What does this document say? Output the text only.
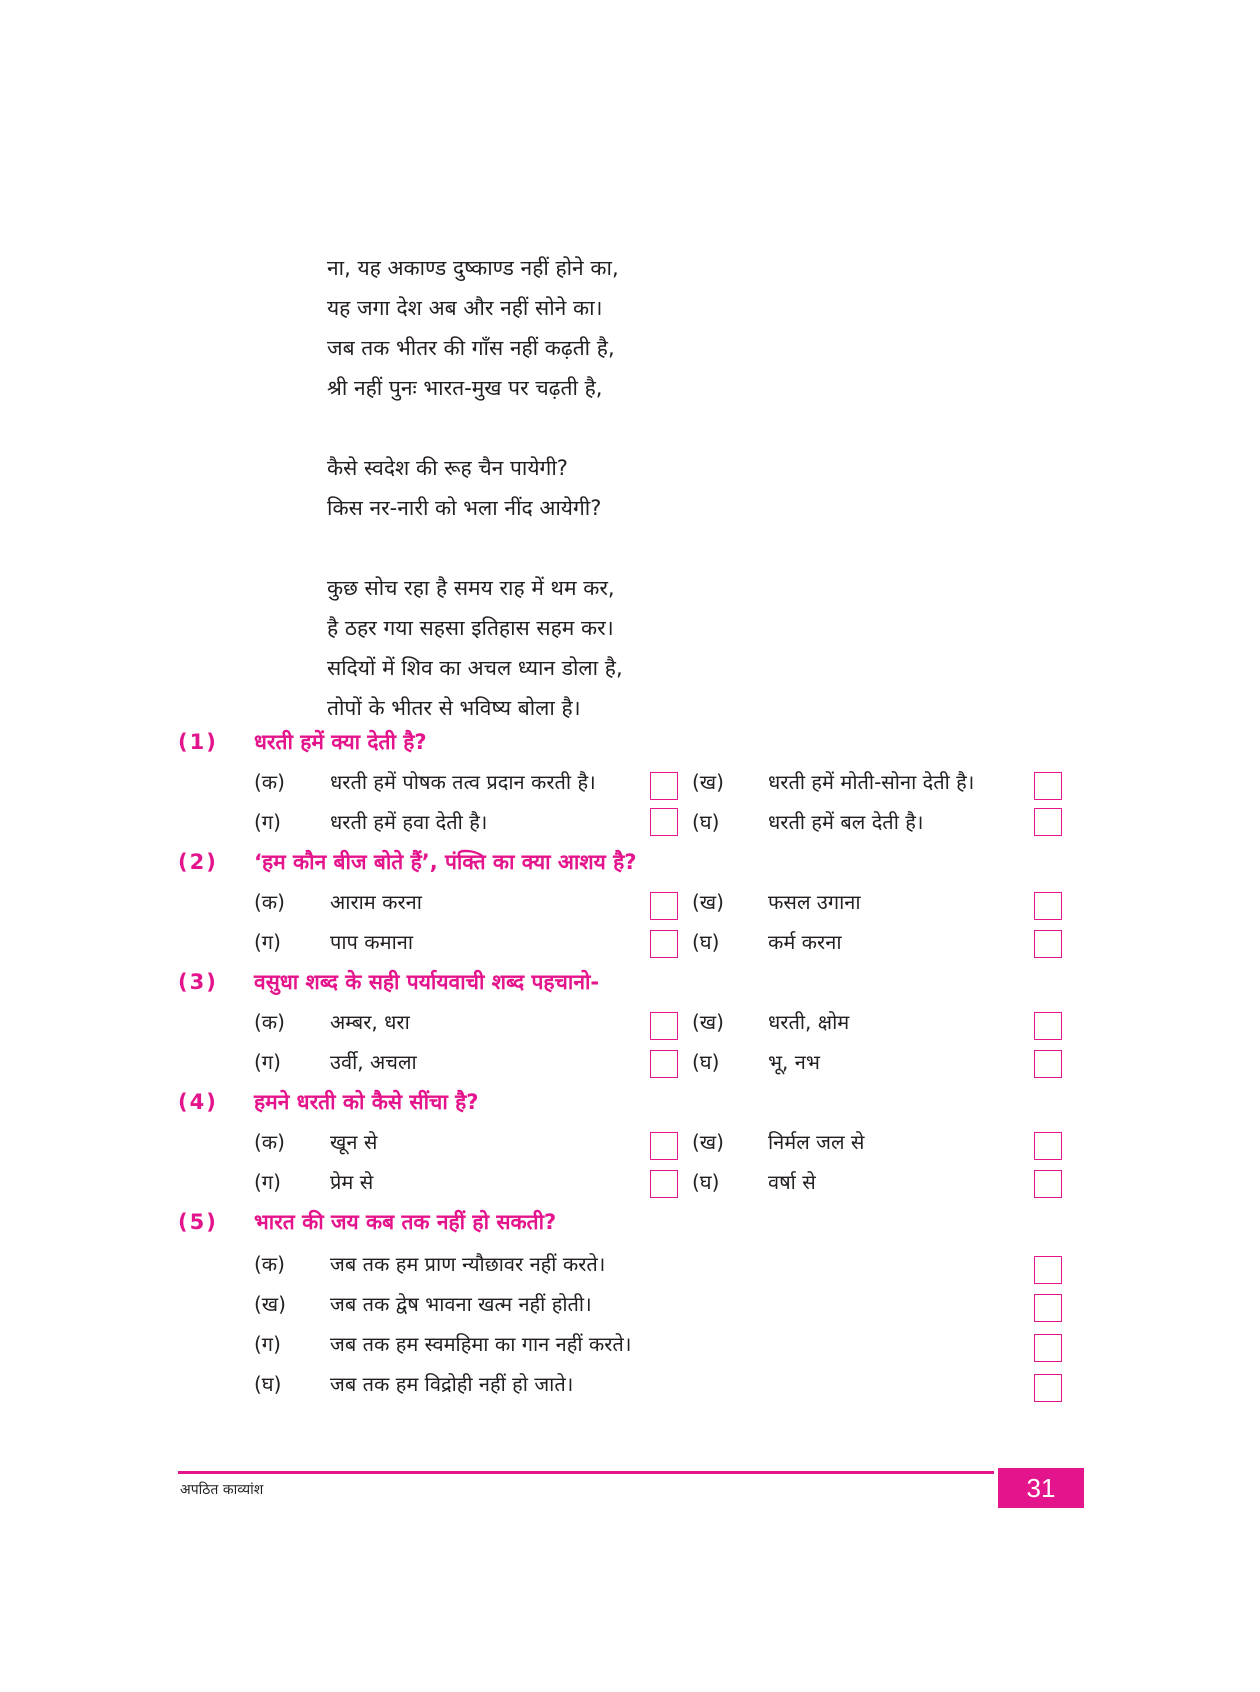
ना, यह अकाण्ड दुष्काण्ड नहीं होने का,
यह जगा देश अब और नहीं सोने का।
जब तक भीतर की गाँस नहीं कढ़ती है,
श्री नहीं पुनः भारत-मुख पर चढ़ती है,
कैसे स्वदेश की रूह चैन पायेगी?
किस नर-नारी को भला नींद आयेगी?
कुछ सोच रहा है समय राह में थम कर,
है ठहर गया सहसा इतिहास सहम कर।
सदियों में शिव का अचल ध्यान डोला है,
तोपों के भीतर से भविष्य बोला है।
(1) धरती हमें क्या देती है?
(क) धरती हमें पोषक तत्व प्रदान करती है।	(ख) धरती हमें मोती-सोना देती है।
(ग) धरती हमें हवा देती है।	(घ) धरती हमें बल देती है।
(2) ‘हम कौन बीज बोते हैं’, पंक्ति का क्या आशय है?
(क) आराम करना	(ख) फसल उगाना
(ग) पाप कमाना	(घ) कर्म करना
(3) वसुधा शब्द के सही पर्यायवाची शब्द पहचानो-
(क) अम्बर, धरा	(ख) धरती, क्षोम
(ग) उर्वी, अचला	(घ) भू, नभ
(4) हमने धरती को कैसे सींचा है?
(क) खून से	(ख) निर्मल जल से
(ग) प्रेम से	(घ) वर्षा से
(5) भारत की जय कब तक नहीं हो सकती?
(क) जब तक हम प्राण न्यौछावर नहीं करते।
(ख) जब तक द्वेष भावना खत्म नहीं होती।
(ग) जब तक हम स्वमहिमा का गान नहीं करते।
(घ) जब तक हम विद्रोही नहीं हो जाते।
अपठित काव्यांश	31
